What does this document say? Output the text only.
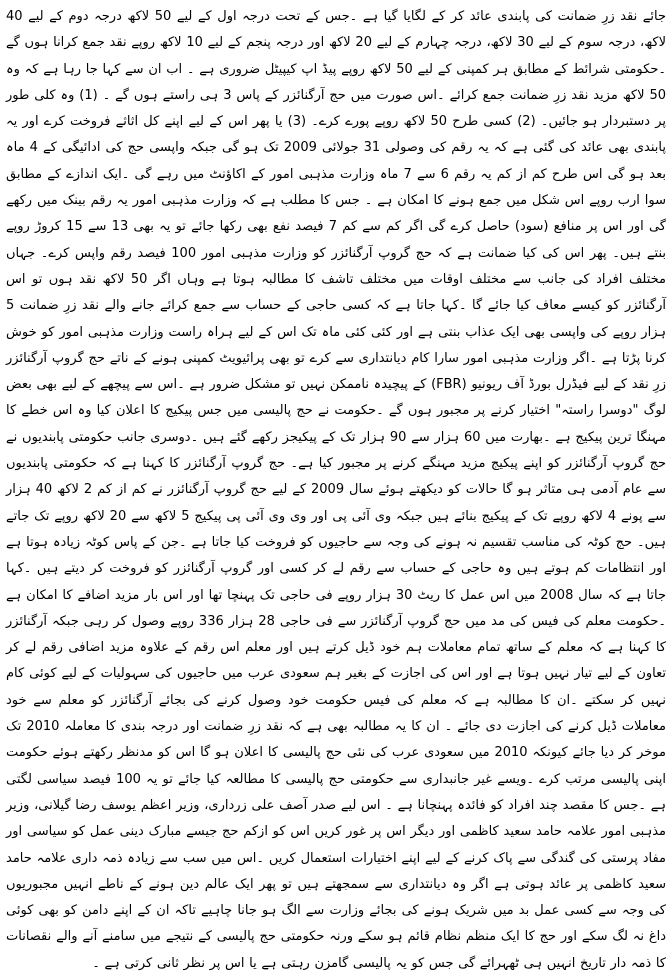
جائے نقد زرِ ضمانت کی پابندی عائد کر کے لگایا گیا ہے ۔جس کے تحت درجہ اول کے لیے 50 لاکھ درجہ دوم کے لیے 40 لاکھ، درجہ سوم کے لیے 30 لاکھ، درجہ چہارم کے لیے 20 لاکھ اور درجہ پنجم کے لیے 10 لاکھ روپے نقد جمع کرانا ہوں گے ۔حکومتی شرائط کے مطابق ہر کمپنی کے لیے 50 لاکھ روپے پیڈ اپ کیپیٹل ضروری ہے ۔ اب ان سے کہا جا رہا ہے کہ وہ 50 لاکھ مزید نقد زرِ ضمانت جمع کرائے ۔اس صورت میں حج آرگنائزر کے پاس 3 ہی راستے ہوں گے ۔ (1) وہ کلی طور پر دستبردار ہو جائیں۔ (2) کسی طرح 50 لاکھ روپے پورے کرے۔ (3) یا پھر اس کے لیے اپنے کل اثاثے فروخت کرے اور یہ پابندی بھی عائد کی گئی ہے کہ یہ رقم کی وصولی 31 جولائی 2009 تک ہو گی جبکہ واپسی حج کی ادائیگی کے 4 ماہ بعد ہو گی اس طرح کم از کم یہ رقم 6 سے 7 ماہ وزارت مذہبی امور کے اکاؤنٹ میں رہے گی ۔ایک اندازے کے مطابق سوا ارب روپے اس شکل میں جمع ہونے کا امکان ہے ۔ جس کا مطلب ہے کہ وزارت مذہبی امور یہ رقم بینک میں رکھے گی اور اس پر منافع (سود) حاصل کرے گی اگر کم سے کم 7 فیصد نفع بھی رکھا جائے تو یہ بھی 13 سے 15 کروڑ روپے بنتے ہیں۔ پھر اس کی کیا ضمانت ہے کہ حج گروپ آرگنائزر کو وزارت مذہبی امور 100 فیصد رقم واپس کرے۔ جہاں مختلف افراد کی جانب سے مختلف اوقات میں مختلف تاشف کا مطالبہ ہوتا ہے وہاں اگر 50 لاکھ نقد ہوں تو اس آرگنائزر کو کیسے معاف کیا جائے گا ۔کہا جاتا ہے کہ کسی حاجی کے حساب سے جمع کرائے جانے والے نقد زرِ ضمانت 5 ہزار روپے کی واپسی بھی ایک عذاب بنتی ہے اور کئی کئی ماہ تک اس کے لیے ہراہ راست وزارت مذہبی امور کو خوش کرنا پڑتا ہے ۔اگر وزارت مذہبی امور سارا کام دیانتداری سے کرے تو بھی پرائیویٹ کمپنی ہونے کے ناتے حج گروپ آرگنائزر زرِ نقد کے لیے فیڈرل بورڈ آف ریونیو (FBR) کے پیچیدہ ناممکن نہیں تو مشکل ضرور ہے ۔اس سے پیچھے کے لیے بھی بعض لوگ "دوسرا راستہ" اختیار کرنے پر مجبور ہوں گے ۔حکومت نے حج پالیسی میں جس پیکیج کا اعلان کیا وہ اس خطے کا مہنگا ترین پیکیج ہے ۔بھارت میں 60 ہزار سے 90 ہزار تک کے پیکیجز رکھے گئے ہیں ۔دوسری جانب حکومتی پابندیوں نے حج گروپ آرگنائزر کو اپنے پیکیج مزید مہنگے کرنے پر مجبور کیا ہے۔ حج گروپ آرگنائزر کا کہنا ہے کہ حکومتی پابندیوں سے عام آدمی ہی متاثر ہو گا حالات کو دیکھتے ہوئے سال 2009 کے لیے حج گروپ آرگنائزر نے کم از کم 2 لاکھ 40 ہزار سے پونے 4 لاکھ روپے تک کے پیکیج بنائے ہیں جبکہ وی آئی پی اور وی وی آئی پی پیکیج 5 لاکھ سے 20 لاکھ روپے تک جاتے ہیں۔ حج کوٹہ کی مناسب تقسیم نہ ہونے کی وجہ سے حاجیوں کو فروخت کیا جاتا ہے ۔جن کے پاس کوٹہ زیادہ ہوتا ہے اور انتظامات کم ہوتے ہیں وہ حاجی کے حساب سے رقم لے کر کسی اور گروپ آرگنائزر کو فروخت کر دیتے ہیں ۔کہا جاتا ہے کہ سال 2008 میں اس عمل کا ریٹ 30 ہزار روپے فی حاجی تک پہنچا تھا اور اس بار مزید اضافے کا امکان ہے ۔حکومت معلم کی فیس کی مد میں حج گروپ آرگنائزر سے فی حاجی 28 ہزار 336 روپے وصول کر رہی جبکہ آرگنائزر کا کہنا ہے کہ معلم کے ساتھ تمام معاملات ہم خود ڈیل کرتے ہیں اور معلم اس رقم کے علاوہ مزید اضافی رقم لے کر تعاون کے لیے تیار نہیں ہوتا ہے اور اس کی اجازت کے بغیر ہم سعودی عرب میں حاجیوں کی سہولیات کے لیے کوئی کام نہیں کر سکتے ۔ان کا مطالبہ ہے کہ معلم کی فیس حکومت خود وصول کرنے کی بجائے آرگنائزر کو معلم سے خود معاملات ڈیل کرنے کی اجازت دی جائے ۔ ان کا یہ مطالبہ بھی ہے کہ نقد زرِ ضمانت اور درجہ بندی کا معاملہ 2010 تک موخر کر دیا جائے کیونکہ 2010 میں سعودی عرب کی نئی حج پالیسی کا اعلان ہو گا اس کو مدنظر رکھتے ہوئے حکومت اپنی پالیسی مرتب کرے ۔ویسے غیر جانبداری سے حکومتی حج پالیسی کا مطالعہ کیا جائے تو یہ 100 فیصد سیاسی لگتی ہے ۔جس کا مقصد چند افراد کو فائدہ پہنچانا ہے ۔ اس لیے صدر آصف علی زرداری، وزیر اعظم یوسف رضا گیلانی، وزیر مذہبی امور علامہ حامد سعید کاظمی اور دیگر اس پر غور کریں اس کو ازکم حج جیسے مبارک دینی عمل کو سیاسی اور مفاد پرستی کی گندگی سے پاک کرنے کے لیے اپنے اختیارات استعمال کریں ۔اس میں سب سے زیادہ ذمہ داری علامہ حامد سعید کاظمی پر عائد ہوتی ہے اگر وہ دیانتداری سے سمجھتے ہیں تو پھر ایک عالم دین ہونے کے ناطے انہیں مجبوریوں کی وجہ سے کسی عمل بد میں شریک ہونے کی بجائے وزارت سے الگ ہو جانا چاہیے تاکہ ان کے اپنے دامن کو بھی کوئی داغ نہ لگ سکے اور حج کا ایک منظم نظام قائم ہو سکے ورنہ حکومتی حج پالیسی کے نتیجے میں سامنے آنے والے نقصانات کا ذمہ دار تاریخ انہیں ہی ٹھہرائے گی جس کو یہ پالیسی گامزن رہتی ہے یا اس پر نظر ثانی کرتی ہے ۔
